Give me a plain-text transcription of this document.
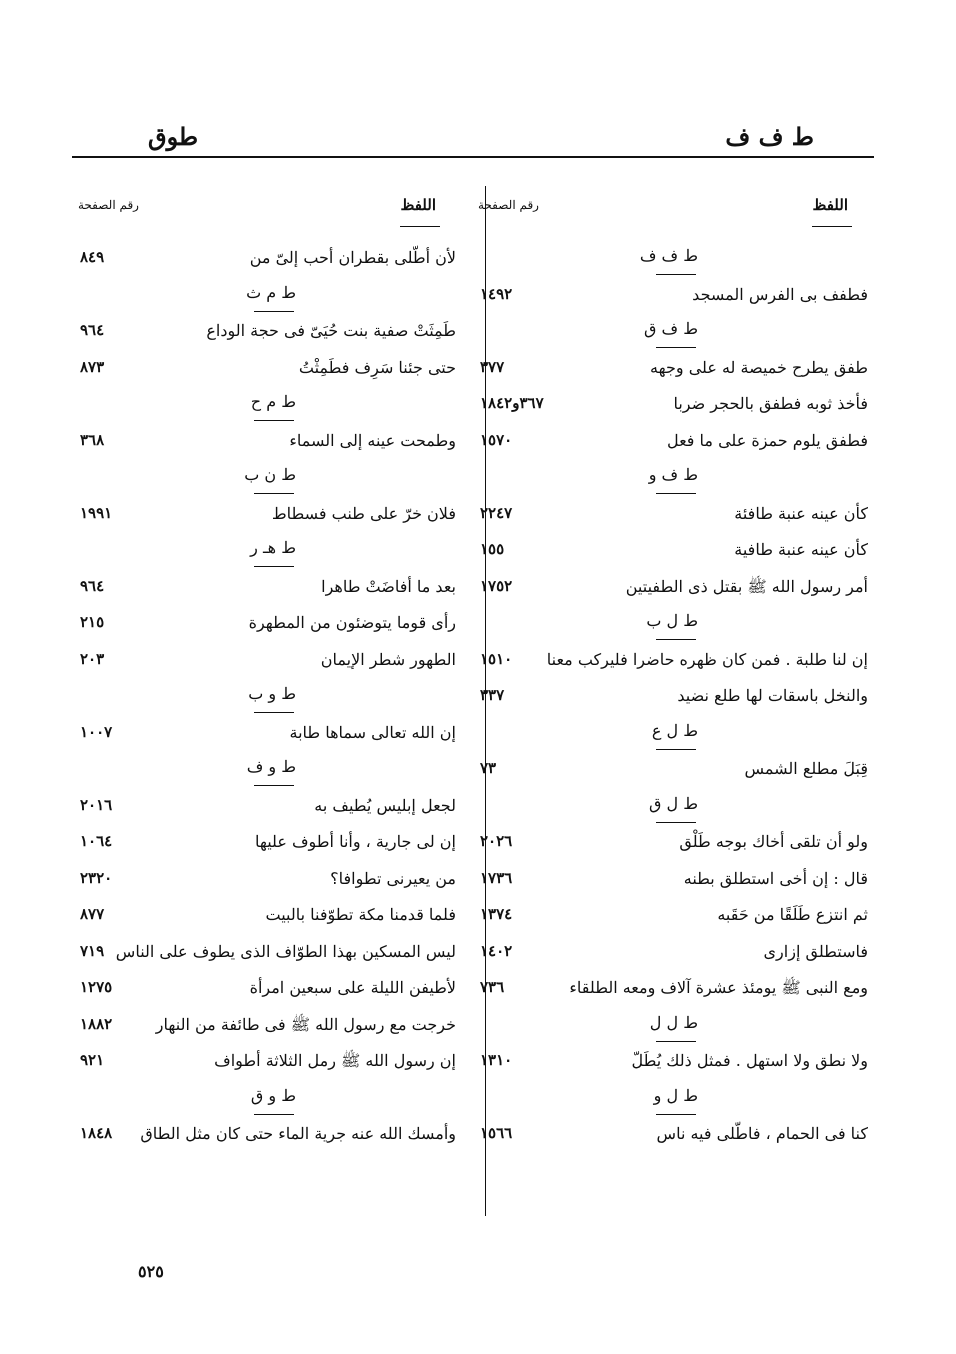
ط ف ف
طوق
اللفظ
رقم الصفحة
ط ف ف
فطفف بى الفرس المسجد
١٤٩٢
ط ف ق
طفق يطرح خميصة له على وجهه
٣٧٧
فأخذ ثوبه فطفق بالحجر ضربا
٣٦٧و١٨٤٢
فطفق يلوم حمزة على ما فعل
١٥٧٠
ط ف و
كأن عينه عنبة طافئة
٢٢٤٧
كأن عينه عنبة طافية
١٥٥
أمر رسول الله ﷺ بقتل ذى الطفيتين
١٧٥٢
ط ل ب
إن لنا طلبة . فمن كان ظهره حاضرا فليركب معنا
١٥١٠
والنخل باسقات لها طلع نضيد
٣٣٧
ط ل ع
قِبَلَ مطلع الشمس
٧٣
ط ل ق
ولو أن تلقى أخاك بوجه طَلْق
٢٠٢٦
قال : إن أخى استطلق بطنه
١٧٣٦
ثم انتزع طَلَقًا من حَقَبه
١٣٧٤
فاستطلق إزارى
١٤٠٢
ومع النبى ﷺ يومئذ عشرة آلاف ومعه الطلقاء
٧٣٦
ط ل ل
ولا نطق ولا استهل . فمثل ذلك يُطَلّ
١٣١٠
ط ل و
كنا فى الحمام ، فاطّلى فيه ناس
١٥٦٦
اللفظ
رقم الصفحة
لأن أطّلى بقطران أحب إلىّ من
٨٤٩
ط م ث
طَمِثَتْ صفية بنت حُيَىّ فى حجة الوداع
٩٦٤
حتى جئنا سَرِف فطَمِثْتُ
٨٧٣
ط م ح
وطمحت عينه إلى السماء
٣٦٨
ط ن ب
فلان خرّ على طنب فسطاط
١٩٩١
ط هـ ر
بعد ما أفاضَتْ طاهرا
٩٦٤
رأى قوما يتوضئون من المطهرة
٢١٥
الطهور شطر الإيمان
٢٠٣
ط و ب
إن الله تعالى سماها طابة
١٠٠٧
ط و ف
لجعل إبليس يُطيف به
٢٠١٦
إن لى جارية ، وأنا أطوف عليها
١٠٦٤
من يعيرنى تطوافا؟
٢٣٢٠
فلما قدمنا مكة تطوّفنا بالبيت
٨٧٧
ليس المسكين بهذا الطوّاف الذى يطوف على الناس
٧١٩
لأطيفن الليلة على سبعين امرأة
١٢٧٥
خرجت مع رسول الله ﷺ فى طائفة من النهار
١٨٨٢
إن رسول الله ﷺ رمل الثلاثة أطواف
٩٢١
ط و ق
وأمسك الله عنه جرية الماء حتى كان مثل الطاق
١٨٤٨
٥٢٥
